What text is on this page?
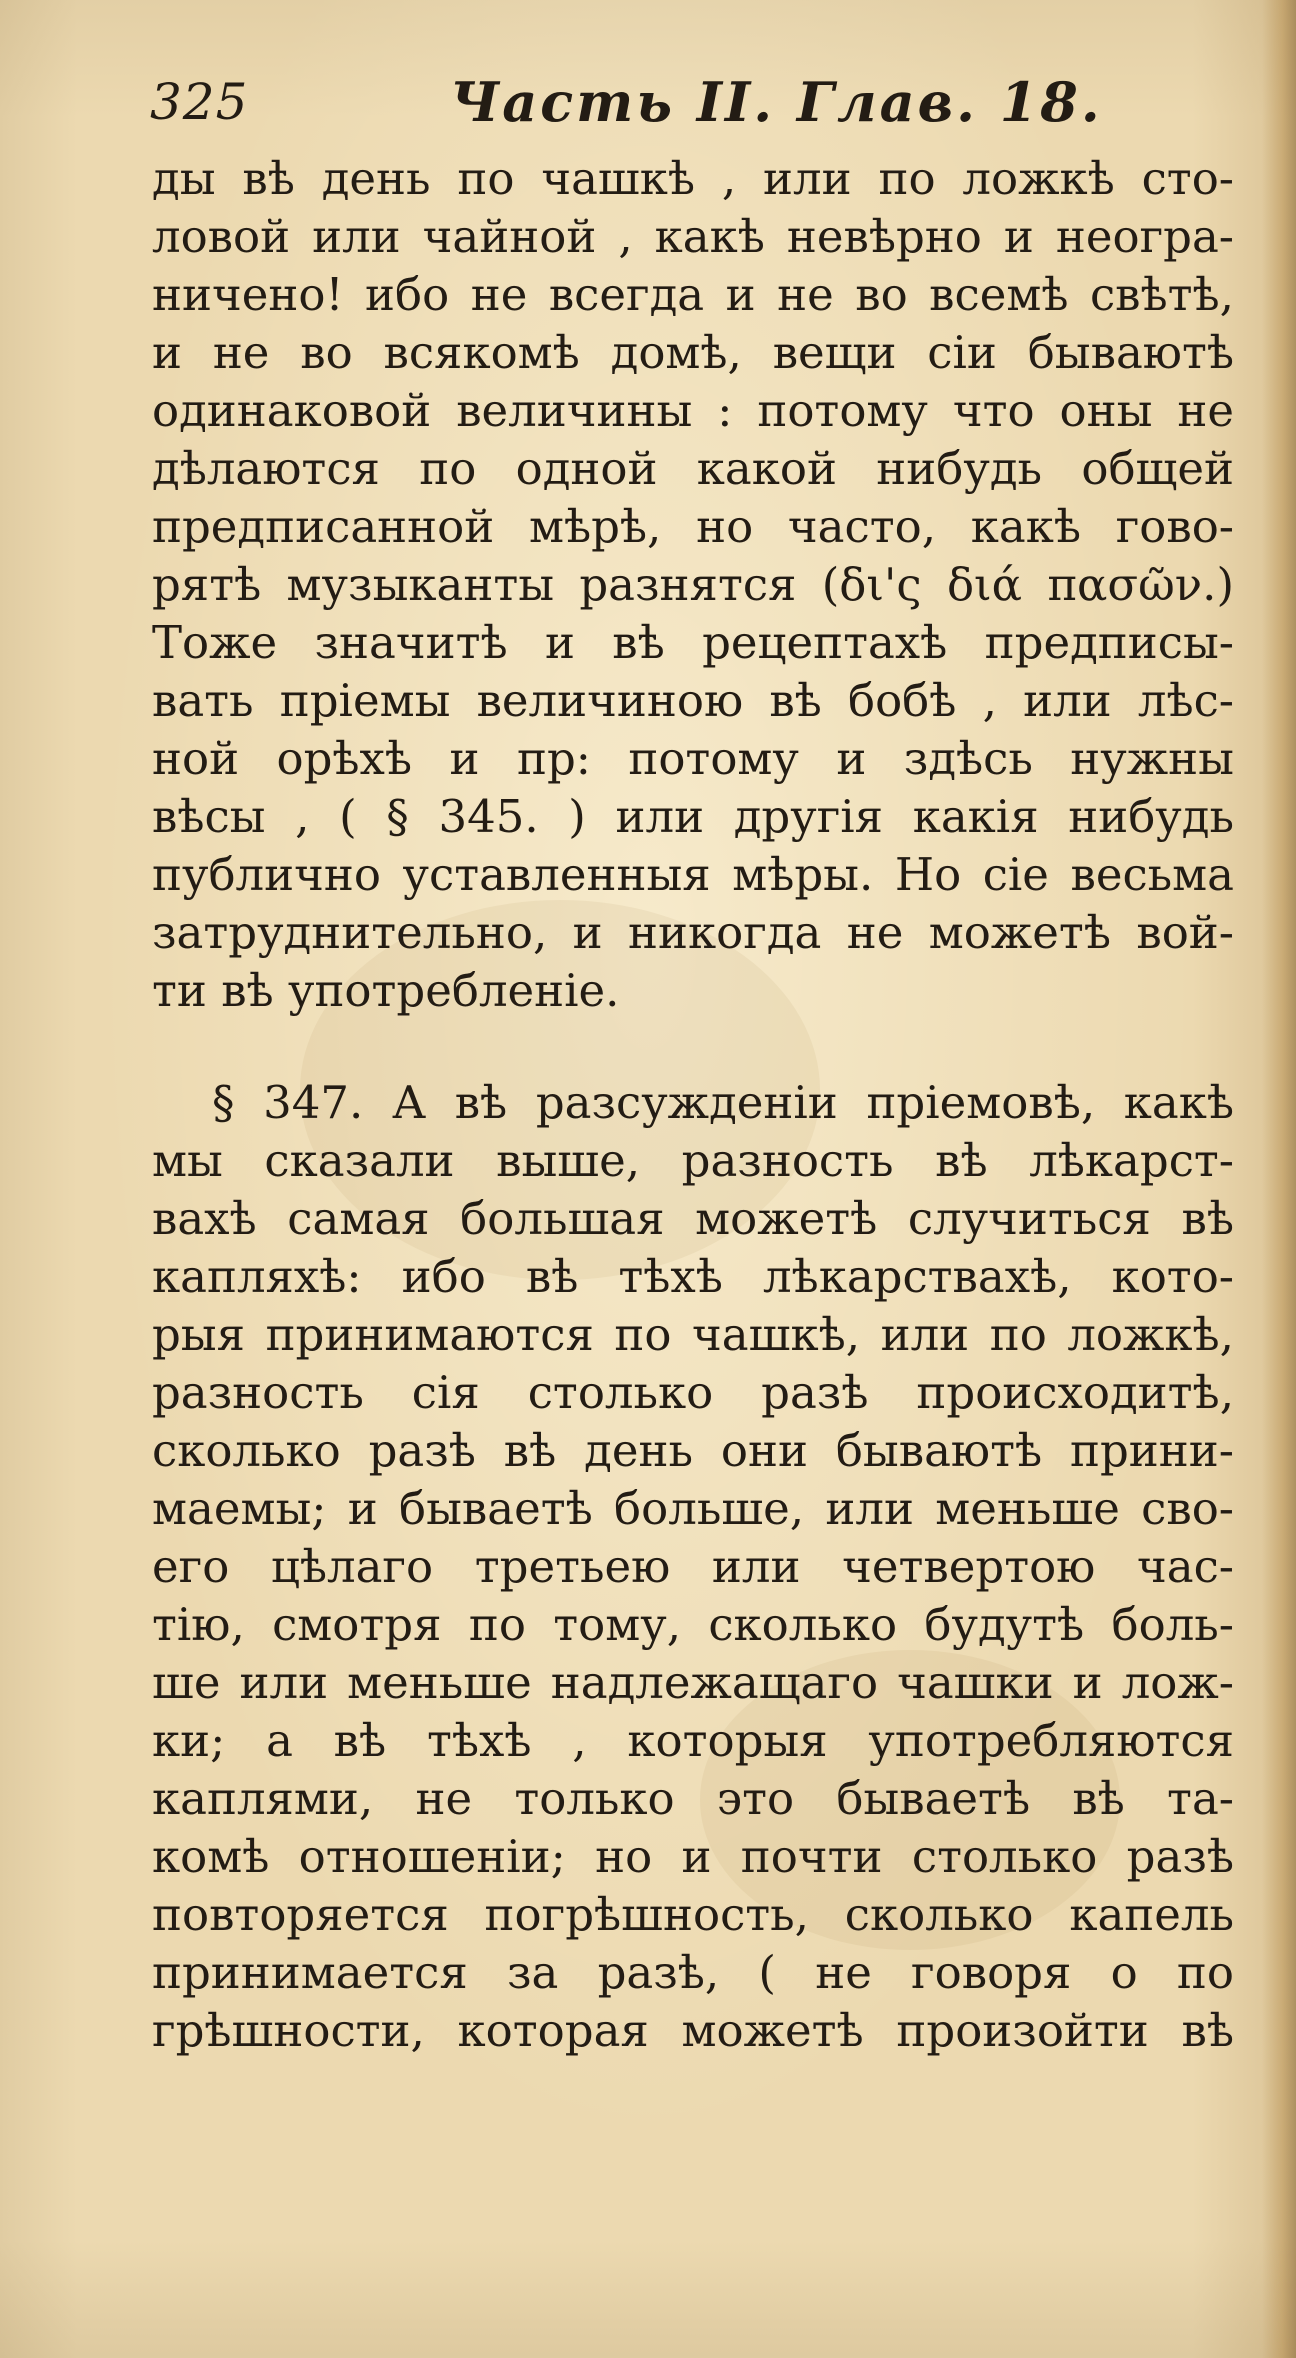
325	Часть II. Глав. 18.
ды вѣ день по чашкѣ , или по ложкѣ сто-
ловой или чайной , какѣ невѣрно и неогра-
ничено! ибо не всегда и не во всемѣ свѣтѣ,
и не во всякомѣ домѣ, вещи сіи бываютѣ
одинаковой величины : потому что оны не
дѣлаются по одной какой нибудь общей
предписанной мѣрѣ, но часто, какѣ гово-
рятѣ музыканты разнятся (δι'ς διά πασῶν.)
Тоже значитѣ и вѣ рецептахѣ предписы-
вать пріемы величиною вѣ бобѣ , или лѣс-
ной орѣхѣ и пр: потому и здѣсь нужны
вѣсы , ( § 345. ) или другія какія нибудь
публично уставленныя мѣры. Но сіе весьма
затруднительно, и никогда не можетѣ вой-
ти вѣ употребленіе.
§ 347. А вѣ разсужденіи пріемовѣ, какѣ
мы сказали выше, разность вѣ лѣкарст-
вахѣ самая большая можетѣ случиться вѣ
капляхѣ: ибо вѣ тѣхѣ лѣкарствахѣ, кото-
рыя принимаются по чашкѣ, или по ложкѣ,
разность сія столько разѣ происходитѣ,
сколько разѣ вѣ день они бываютѣ прини-
маемы; и бываетѣ больше, или меньше сво-
его цѣлаго третьею или четвертою час-
тію, смотря по тому, сколько будутѣ боль-
ше или меньше надлежащаго чашки и лож-
ки; а вѣ тѣхѣ , которыя употребляются
каплями, не только это бываетѣ вѣ та-
комѣ отношеніи; но и почти столько разѣ
повторяется погрѣшность, сколько капель
принимается за разѣ, ( не говоря о по
грѣшности, которая можетѣ произойти вѣ
